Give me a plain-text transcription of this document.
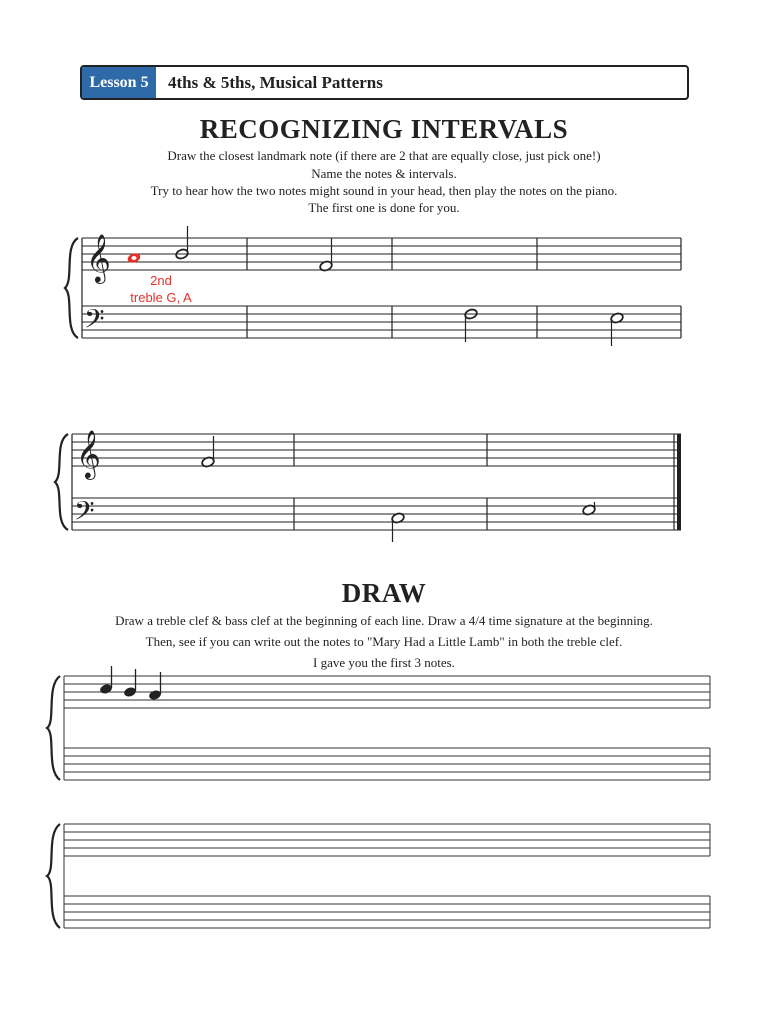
Lesson 5	4ths & 5ths, Musical Patterns
RECOGNIZING INTERVALS

Draw the closest landmark note (if there are 2 that are equally close, just pick one!)

Name the notes & intervals.

Try to hear how the two notes might sound in your head, then play the notes on the piano.

The first one is done for you.

𝄞
𝄢
2nd
treble G, A
𝄞
𝄢
DRAW

Draw a treble clef & bass clef at the beginning of each line. Draw a 4/4 time signature at the beginning.

Then, see if you can write out the notes to "Mary Had a Little Lamb" in both the treble clef.

I gave you the first 3 notes.
